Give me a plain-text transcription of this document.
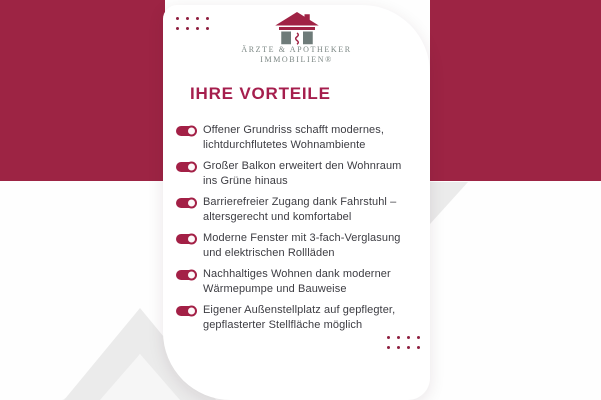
ÄRZTE & APOTHEKER
IMMOBILIEN®
IHRE VORTEILE
Offener Grundriss schafft modernes, lichtdurchflutetes Wohnambiente
Großer Balkon erweitert den Wohnraum ins Grüne hinaus
Barrierefreier Zugang dank Fahrstuhl – altersgerecht und komfortabel
Moderne Fenster mit 3-fach-Verglasung und elektrischen Rollläden
Nachhaltiges Wohnen dank moderner Wärmepumpe und Bauweise
Eigener Außenstellplatz auf gepflegter, gepflasterter Stellfläche möglich
